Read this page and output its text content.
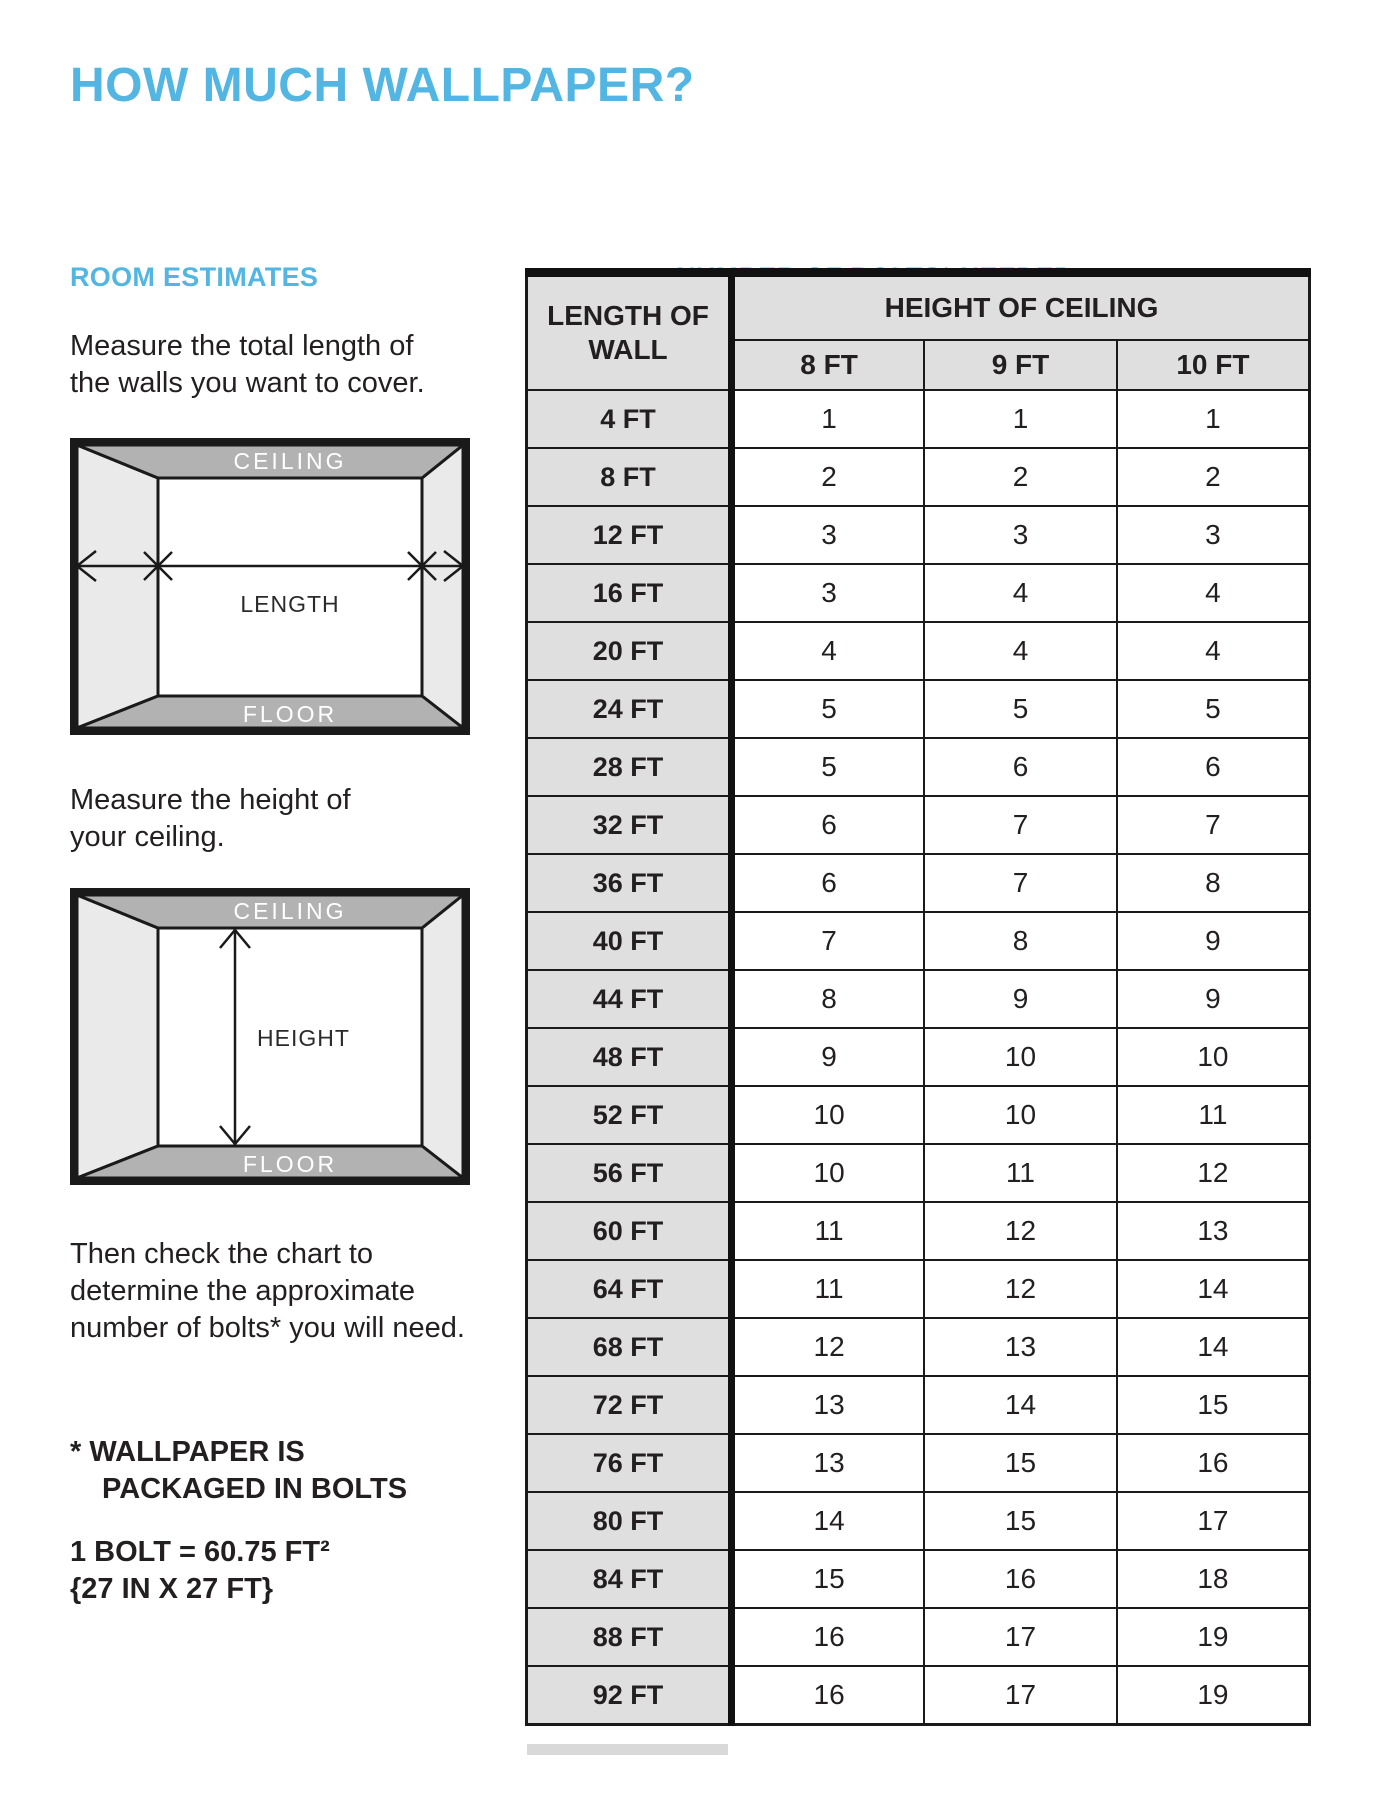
HOW MUCH WALLPAPER?
ROOM ESTIMATES
Measure the total length of
the walls you want to cover.
CEILING
FLOOR
LENGTH
Measure the height of
your ceiling.
CEILING
FLOOR
HEIGHT
Then check the chart to
determine the approximate
number of bolts* you will need.
* WALLPAPER IS
PACKAGED IN BOLTS
1 BOLT = 60.75 FT²
{27 IN X 27 FT}
LENGTH OF WALL	HEIGHT OF CEILING		
	8 FT	9 FT	10 FT
4 FT	1	1	1
8 FT	2	2	2
12 FT	3	3	3
16 FT	3	4	4
20 FT	4	4	4
24 FT	5	5	5
28 FT	5	6	6
32 FT	6	7	7
36 FT	6	7	8
40 FT	7	8	9
44 FT	8	9	9
48 FT	9	10	10
52 FT	10	10	11
56 FT	10	11	12
60 FT	11	12	13
64 FT	11	12	14
68 FT	12	13	14
72 FT	13	14	15
76 FT	13	15	16
80 FT	14	15	17
84 FT	15	16	18
88 FT	16	17	19
92 FT	16	17	19
